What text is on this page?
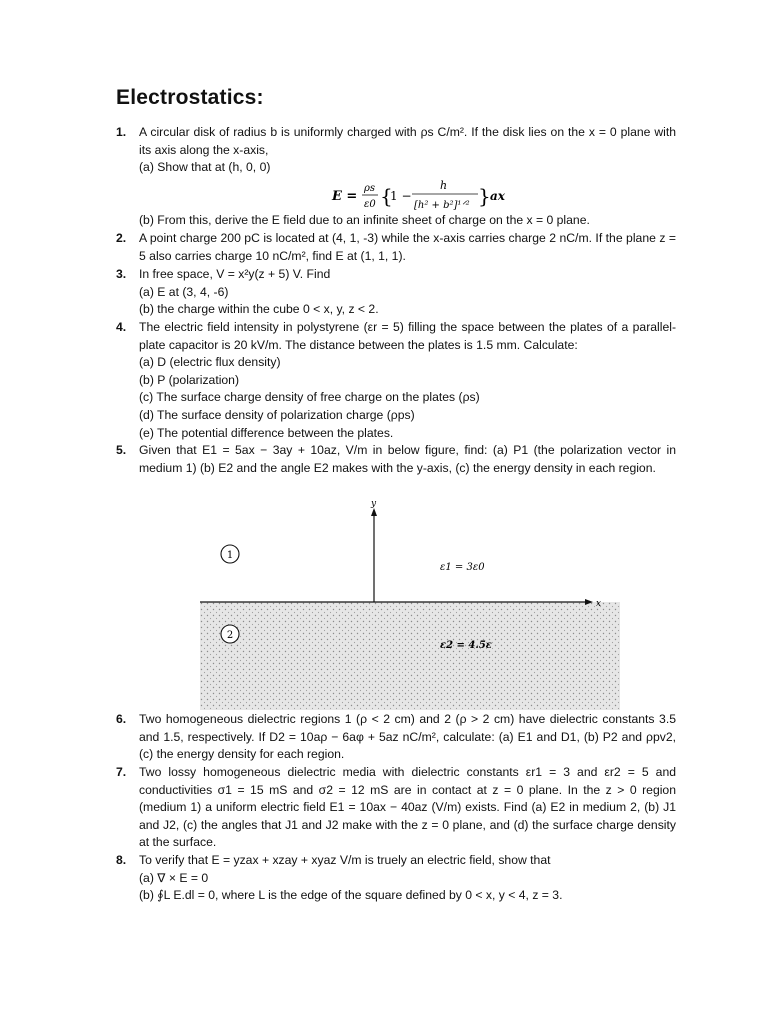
Electrostatics:
1.	A circular disk of radius b is uniformly charged with ρs C/m². If the disk lies on the x = 0 plane with its axis along the x-axis,
(a) Show that at (h, 0, 0)
E =
ρs
ε0 {
1 −
h
[h² + b²]¹ᐟ² } ax
(b) From this, derive the E field due to an infinite sheet of charge on the x = 0 plane.
2.	A point charge 200 pC is located at (4, 1, -3) while the x-axis carries charge 2 nC/m. If the plane z = 5 also carries charge 10 nC/m², find E at (1, 1, 1).
3.	In free space, V = x²y(z + 5) V. Find
(a) E at (3, 4, -6)
(b) the charge within the cube 0 < x, y, z < 2.
4.	The electric field intensity in polystyrene (εr = 5) filling the space between the plates of a parallel-plate capacitor is 20 kV/m. The distance between the plates is 1.5 mm. Calculate:
(a) D (electric flux density)
(b) P (polarization)
(c) The surface charge density of free charge on the plates (ρs)
(d) The surface density of polarization charge (ρps)
(e) The potential difference between the plates.
5.	Given that E1 = 5ax − 3ay + 10az, V/m in below figure, find: (a) P1 (the polarization vector in medium 1) (b) E2 and the angle E2 makes with the y-axis, (c) the energy density in each region.
x
y
1
2
ε1 = 3ε0
ε2 = 4.5ε
6.	Two homogeneous dielectric regions 1 (ρ < 2 cm) and 2 (ρ > 2 cm) have dielectric constants 3.5 and 1.5, respectively. If D2 = 10aρ − 6aφ + 5az nC/m², calculate: (a) E1 and D1, (b) P2 and ρpv2, (c) the energy density for each region.
7.	Two lossy homogeneous dielectric media with dielectric constants εr1 = 3 and εr2 = 5 and conductivities σ1 = 15 mS and σ2 = 12 mS are in contact at z = 0 plane. In the z > 0 region (medium 1) a uniform electric field E1 = 10ax − 40az (V/m) exists. Find (a) E2 in medium 2, (b) J1 and J2, (c) the angles that J1 and J2 make with the z = 0 plane, and (d) the surface charge density at the surface.
8.	To verify that E = yzax + xzay + xyaz V/m is truely an electric field, show that
(a) ∇ × E = 0
(b) ∮L E.dl = 0, where L is the edge of the square defined by 0 < x, y < 4, z = 3.
